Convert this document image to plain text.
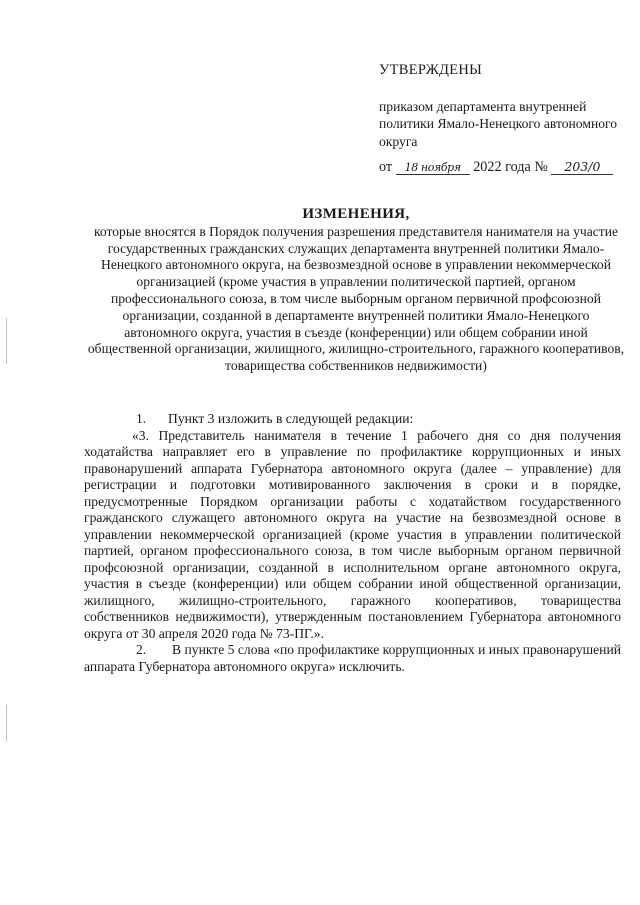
УТВЕРЖДЕНЫ
приказом департамента внутренней политики Ямало-Ненецкого автономного округа
от 18 ноября 2022 года № 203/0
ИЗМЕНЕНИЯ,
которые вносятся в Порядок получения разрешения представителя нанимателя на участие государственных гражданских служащих департамента внутренней политики Ямало-Ненецкого автономного округа, на безвозмездной основе в управлении некоммерческой организацией (кроме участия в управлении политической партией, органом профессионального союза, в том числе выборным органом первичной профсоюзной организации, созданной в департаменте внутренней политики Ямало-Ненецкого автономного округа, участия в съезде (конференции) или общем собрании иной общественной организации, жилищного, жилищно-строительного, гаражного кооперативов, товарищества собственников недвижимости)

1. Пункт 3 изложить в следующей редакции:

«3. Представитель нанимателя в течение 1 рабочего дня со дня получения ходатайства направляет его в управление по профилактике коррупционных и иных правонарушений аппарата Губернатора автономного округа (далее – управление) для регистрации и подготовки мотивированного заключения в сроки и в порядке, предусмотренные Порядком организации работы с ходатайством государственного гражданского служащего автономного округа на участие на безвозмездной основе в управлении некоммерческой организацией (кроме участия в управлении политической партией, органом профессионального союза, в том числе выборным органом первичной профсоюзной организации, созданной в исполнительном органе автономного округа, участия в съезде (конференции) или общем собрании иной общественной организации, жилищного, жилищно-строительного, гаражного кооперативов, товарищества собственников недвижимости), утвержденным постановлением Губернатора автономного округа от 30 апреля 2020 года № 73-ПГ.».

2. В пункте 5 слова «по профилактике коррупционных и иных правонарушений аппарата Губернатора автономного округа» исключить.
